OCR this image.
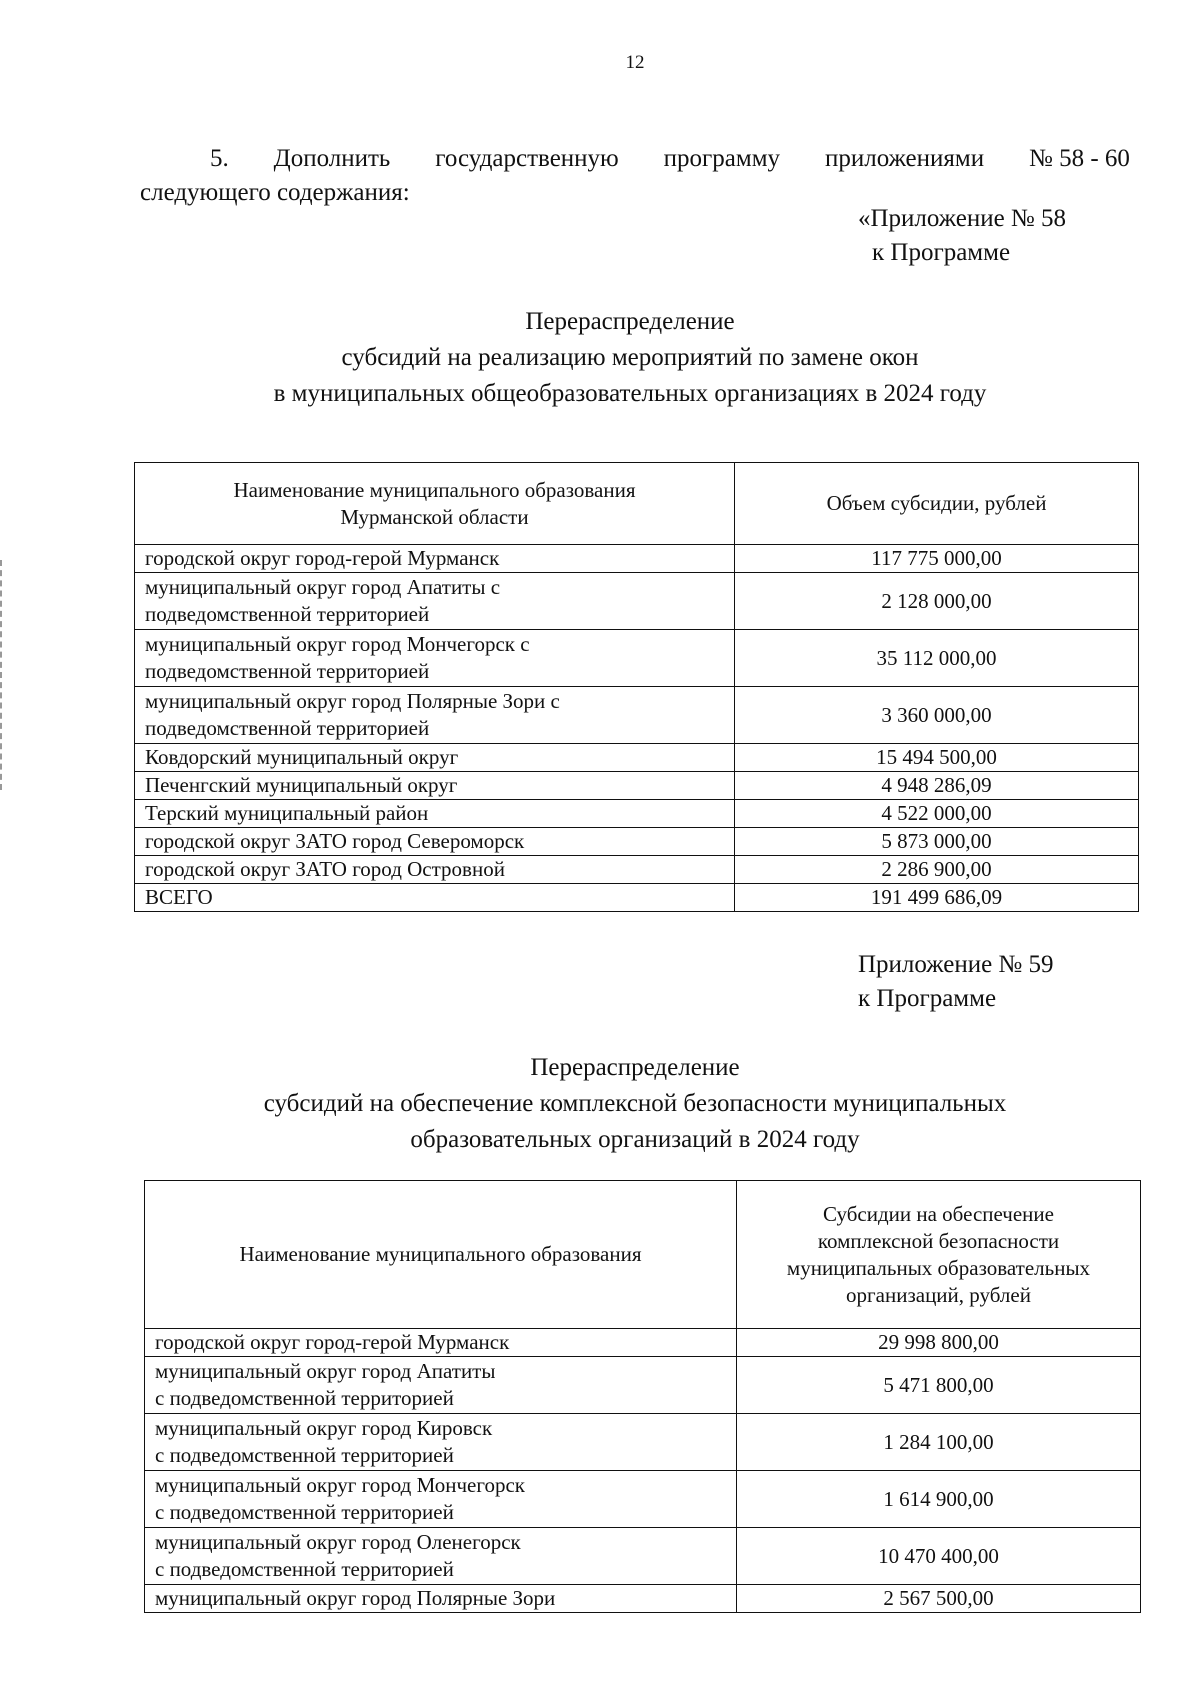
12
5. Дополнить государственную программу приложениями № 58 - 60
следующего содержания:
«Приложение № 58
к Программе
Перераспределение
субсидий на реализацию мероприятий по замене окон
в муниципальных общеобразовательных организациях в 2024 году
Наименование муниципального образования
Мурманской области	Объем субсидии, рублей
городской округ город-герой Мурманск	117 775 000,00

муниципальный округ город Апатиты с
подведомственной территорией	2 128 000,00

муниципальный округ город Мончегорск с
подведомственной территорией	35 112 000,00

муниципальный округ город Полярные Зори с
подведомственной территорией	3 360 000,00
Ковдорский муниципальный округ	15 494 500,00
Печенгский муниципальный округ	4 948 286,09
Терский муниципальный район	4 522 000,00
городской округ ЗАТО город Североморск	5 873 000,00
городской округ ЗАТО город Островной	2 286 900,00
ВСЕГО	191 499 686,09
Приложение № 59
к Программе
Перераспределение
субсидий на обеспечение комплексной безопасности муниципальных
образовательных организаций в 2024 году
Наименование муниципального образования	Субсидии на обеспечение
комплексной безопасности
муниципальных образовательных
организаций, рублей

городской округ город-герой Мурманск	29 998 800,00

муниципальный округ город Апатиты
с подведомственной территорией	5 471 800,00

муниципальный округ город Кировск
с подведомственной территорией	1 284 100,00

муниципальный округ город Мончегорск
с подведомственной территорией	1 614 900,00

муниципальный округ город Оленегорск
с подведомственной территорией	10 470 400,00
муниципальный округ город Полярные Зори	2 567 500,00
